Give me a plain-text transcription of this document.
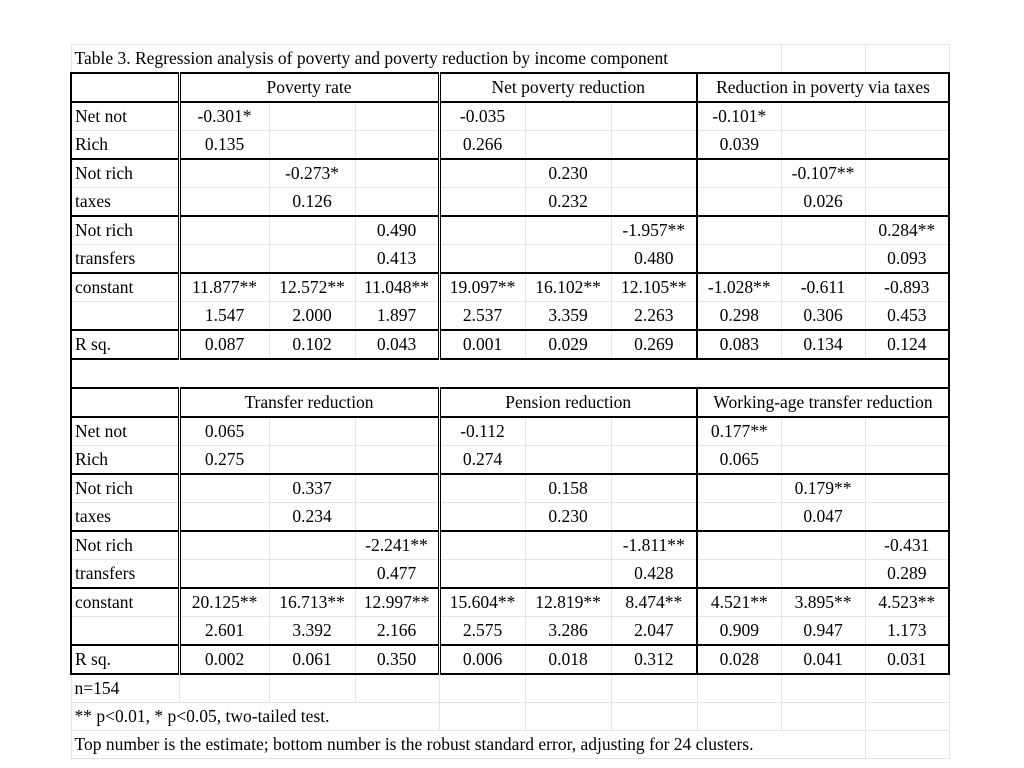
Table 3. Regression analysis of poverty and poverty reduction by income component									
	Poverty rate			Net poverty reduction			Reduction in poverty via taxes		
Net not	-0.301*			-0.035			-0.101*		
Rich	0.135			0.266			0.039		
Not rich		-0.273*			0.230			-0.107**	
taxes		0.126			0.232			0.026	
Not rich			0.490			-1.957**			0.284**
transfers			0.413			0.480			0.093
constant	11.877**	12.572**	11.048**	19.097**	16.102**	12.105**	-1.028**	-0.611	-0.893
	1.547	2.000	1.897	2.537	3.359	2.263	0.298	0.306	0.453
R sq.	0.087	0.102	0.043	0.001	0.029	0.269	0.083	0.134	0.124

	Transfer reduction			Pension reduction			Working-age transfer reduction		
Net not	0.065			-0.112			0.177**		
Rich	0.275			0.274			0.065		
Not rich		0.337			0.158			0.179**	
taxes		0.234			0.230			0.047	
Not rich			-2.241**			-1.811**			-0.431
transfers			0.477			0.428			0.289
constant	20.125**	16.713**	12.997**	15.604**	12.819**	8.474**	4.521**	3.895**	4.523**
	2.601	3.392	2.166	2.575	3.286	2.047	0.909	0.947	1.173
R sq.	0.002	0.061	0.350	0.006	0.018	0.312	0.028	0.041	0.031
n=154									
** p<0.01, * p<0.05, two-tailed test.									
Top number is the estimate; bottom number is the robust standard error, adjusting for 24 clusters.									
